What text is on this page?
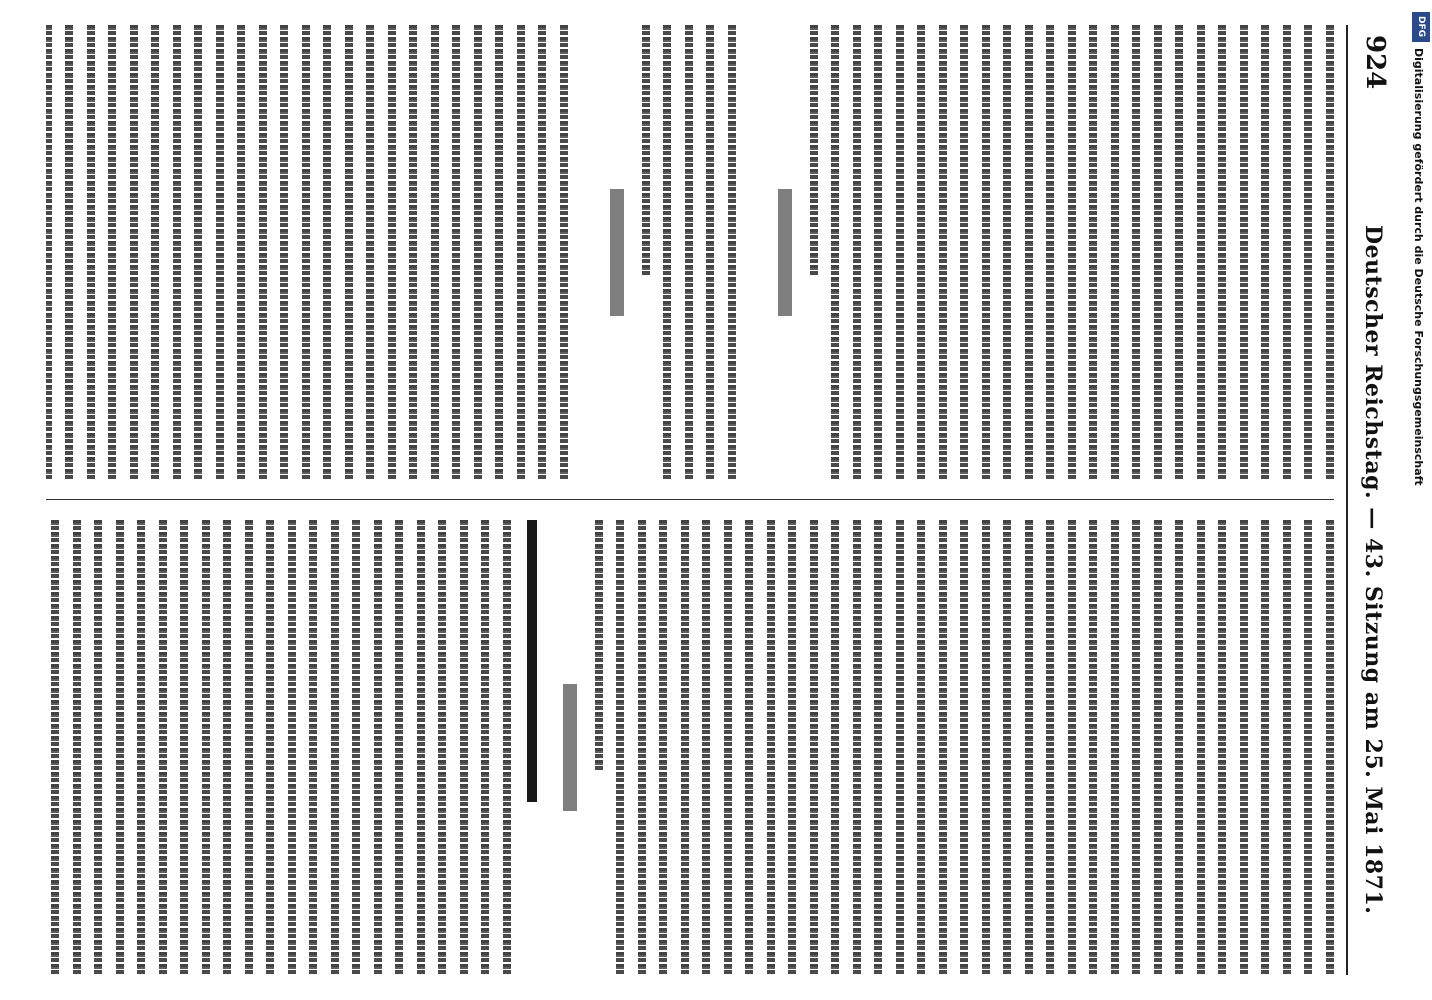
924
Deutscher Reichstag. — 43. Sitzung am 25. Mai 1871.
DFG
Digitalisierung gefördert durch die Deutsche Forschungsgemeinschaft
